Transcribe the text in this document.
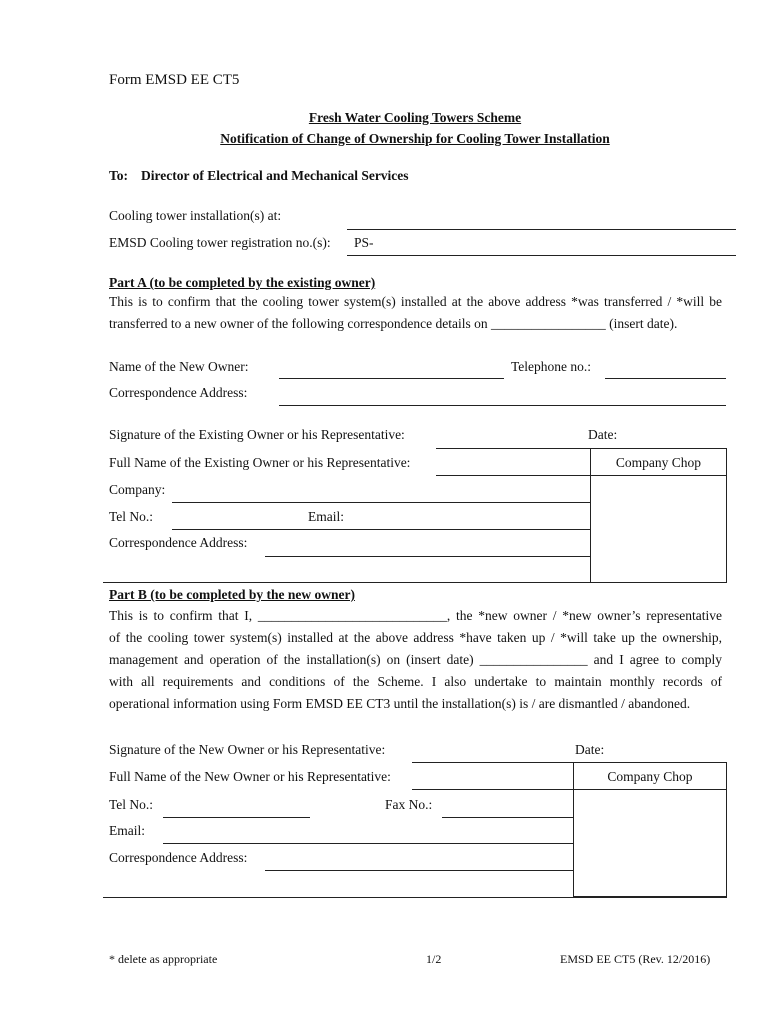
Form EMSD EE CT5
Fresh Water Cooling Towers Scheme
Notification of Change of Ownership for Cooling Tower Installation
To: Director of Electrical and Mechanical Services
Cooling tower installation(s) at:
EMSD Cooling tower registration no.(s): PS-
Part A (to be completed by the existing owner)
This is to confirm that the cooling tower system(s) installed at the above address *was transferred / *will be
transferred to a new owner of the following correspondence details on _________________ (insert date).
Name of the New Owner:	Telephone no.:
Correspondence Address:
Signature of the Existing Owner or his Representative:	Date:
Company Chop
Full Name of the Existing Owner or his Representative:
Company:
Tel No.:	Email:
Correspondence Address:
Part B (to be completed by the new owner)
This is to confirm that I, ____________________________, the *new owner / *new owner’s representative
of the cooling tower system(s) installed at the above address *have taken up / *will take up the ownership,
management and operation of the installation(s) on (insert date) ________________ and I agree to comply
with all requirements and conditions of the Scheme. I also undertake to maintain monthly records of
operational information using Form EMSD EE CT3 until the installation(s) is / are dismantled / abandoned.
Signature of the New Owner or his Representative:	Date:
Company Chop
Full Name of the New Owner or his Representative:
Tel No.:	Fax No.:
Email:
Correspondence Address:
* delete as appropriate	1/2	EMSD EE CT5 (Rev. 12/2016)
